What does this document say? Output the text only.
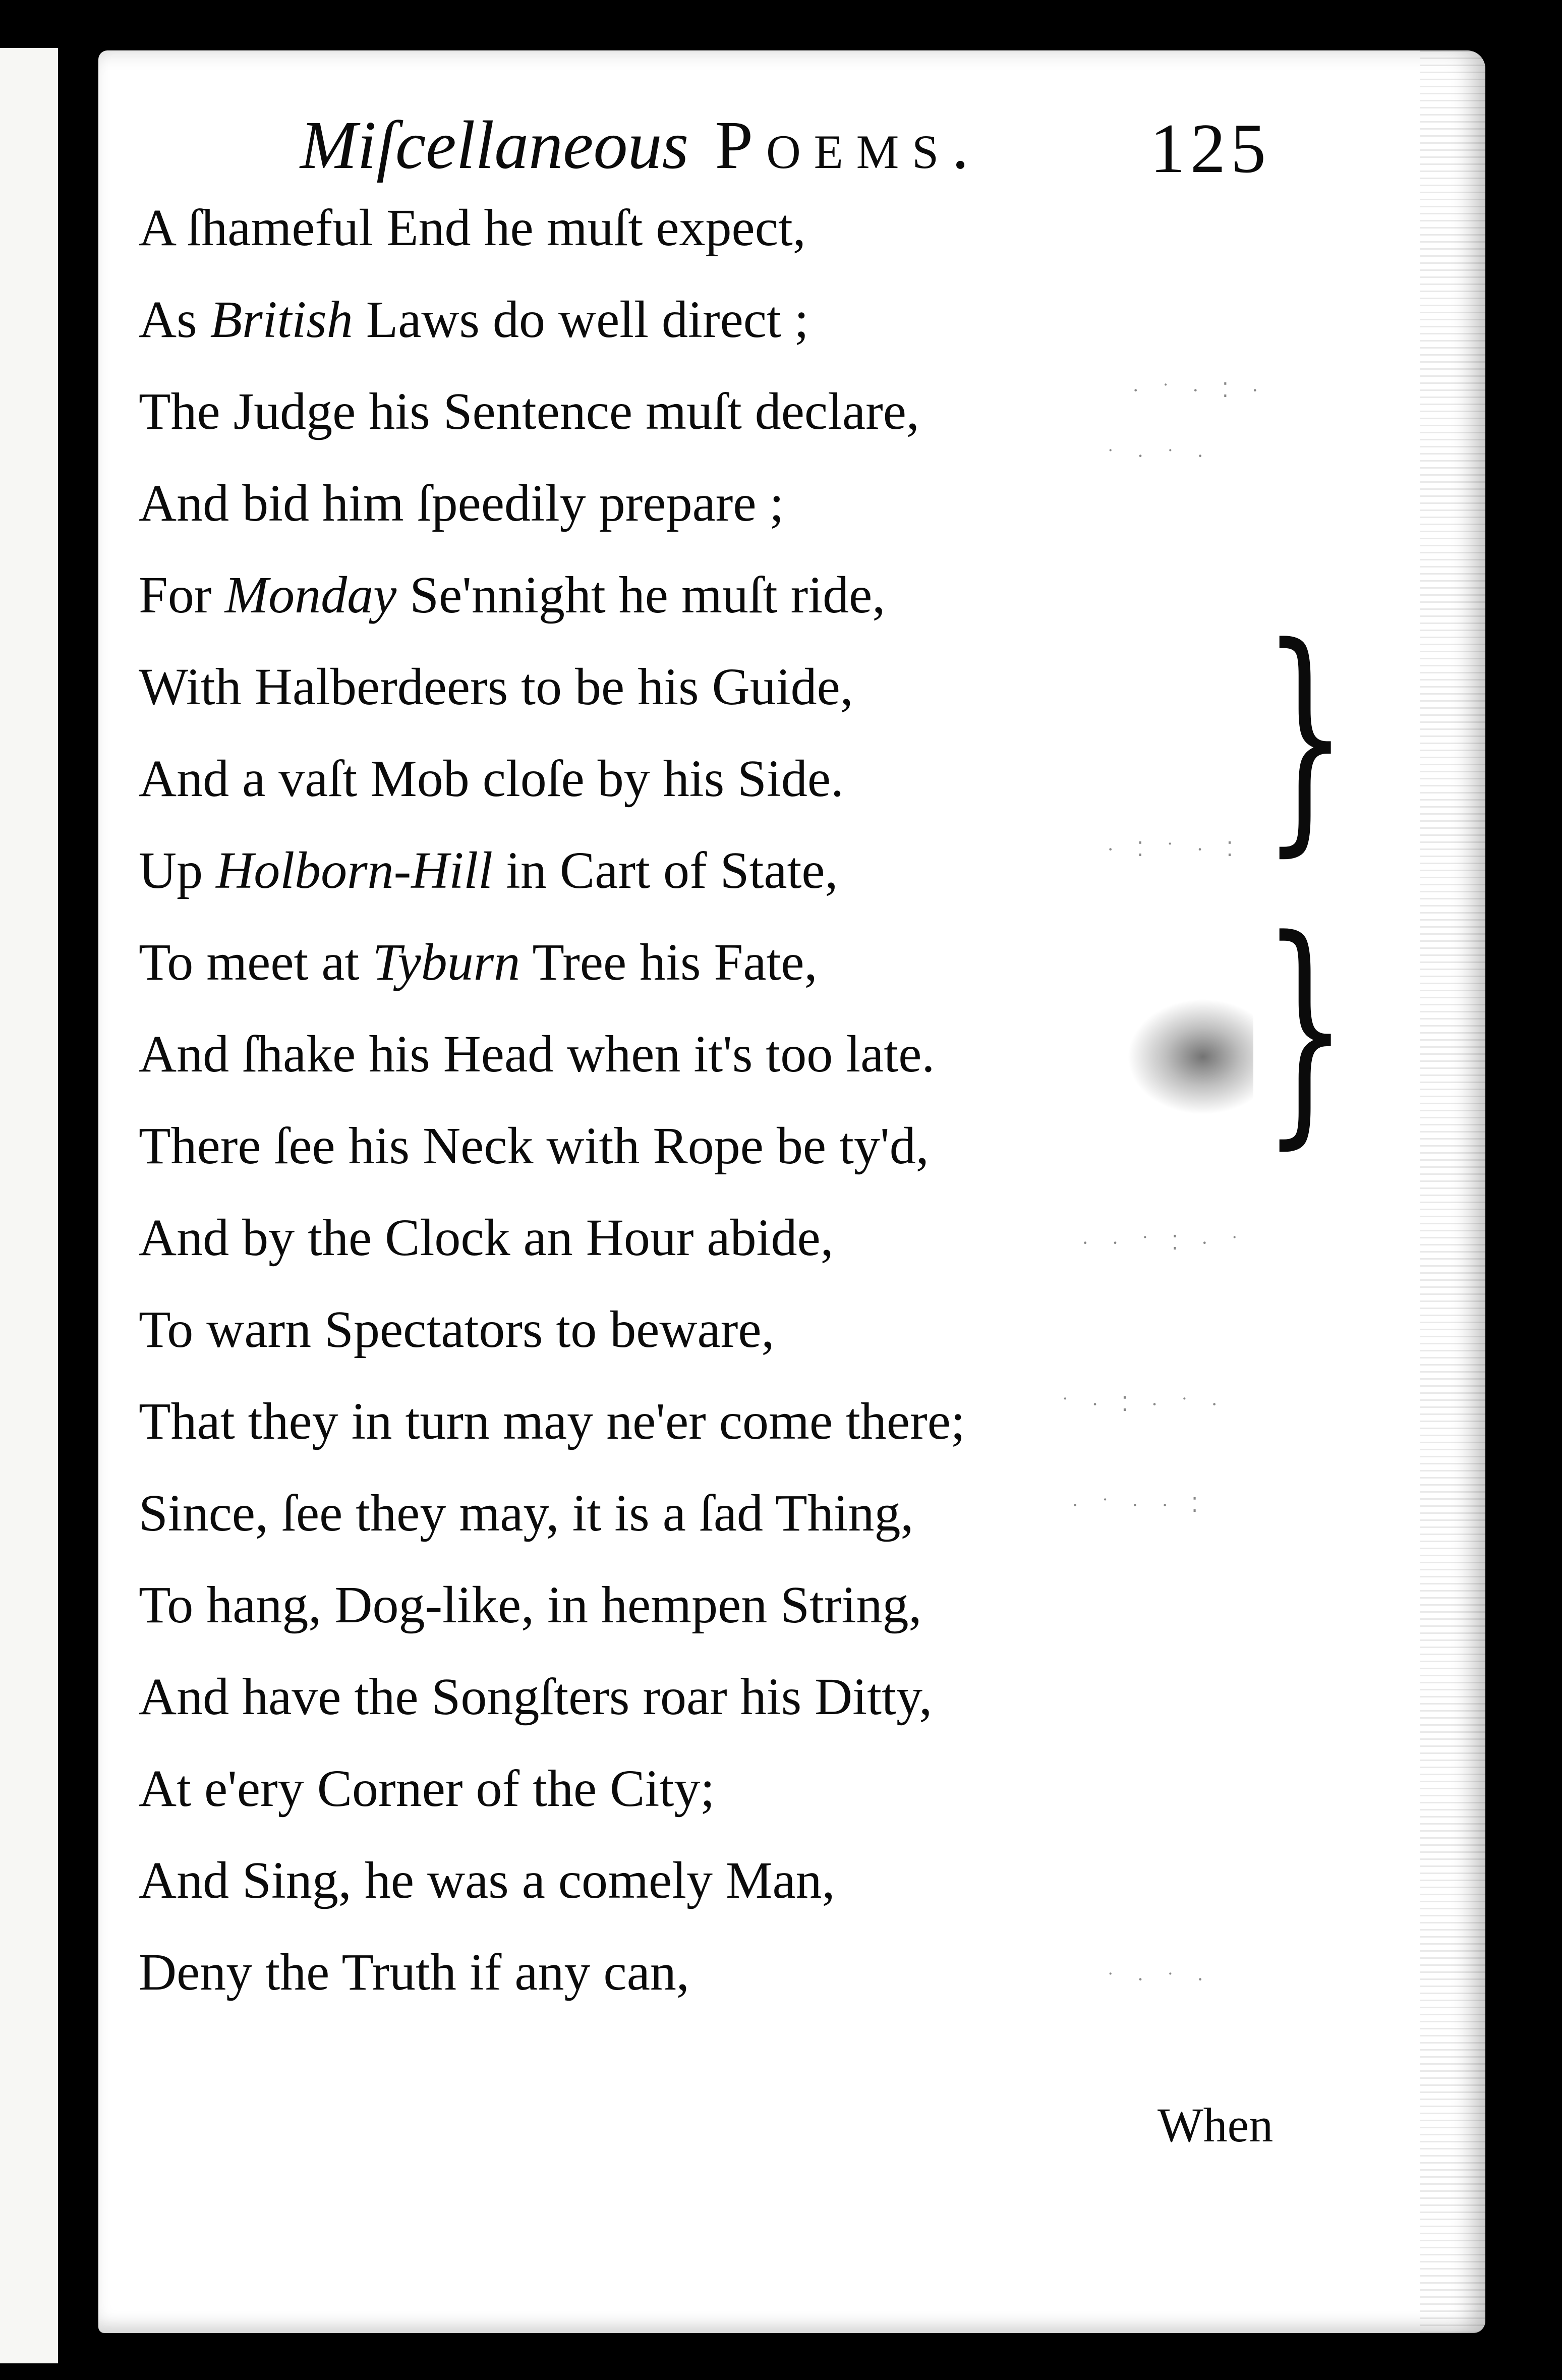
Miſcellaneous Poems. 125
A ſhameful End he muſt expect,
As British Laws do well direct ;
The Judge his Sentence muſt declare,
And bid him ſpeedily prepare ;
For Monday Se'nnight he muſt ride,
With Halberdeers to be his Guide,
And a vaſt Mob cloſe by his Side.
Up Holborn-Hill in Cart of State,
To meet at Tyburn Tree his Fate,
And ſhake his Head when it's too late.
There ſee his Neck with Rope be ty'd,
And by the Clock an Hour abide,
To warn Spectators to beware,
That they in turn may ne'er come there;
Since, ſee they may, it is a ſad Thing,
To hang, Dog-like, in hempen String,
And have the Songſters roar his Ditty,
At e'ery Corner of the City;
And Sing, he was a comely Man,
Deny the Truth if any can,
}
}
· ˙ · ⁚ ·
˙ · ˙ ·
· ⁚ ˙ · ⁚
· · ˙ ⁚ · ˙
˙ · ⁚ · ˙ ·
· ˙ · · ⁚
˙ · ˙ ·
When
